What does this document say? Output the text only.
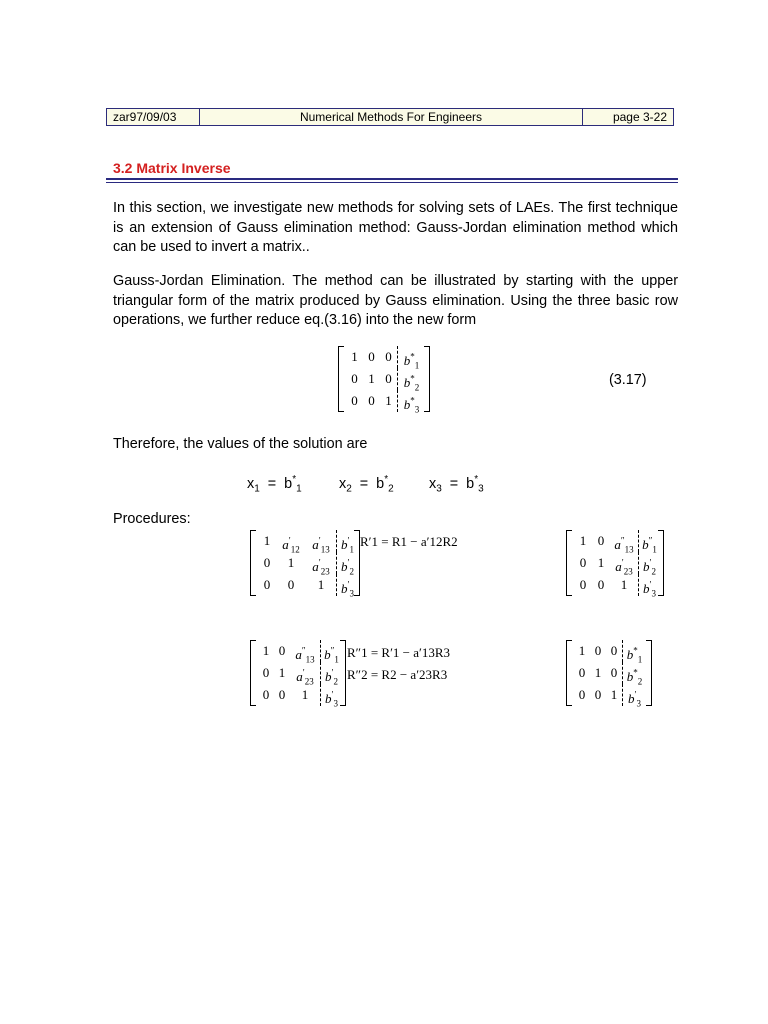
zar97/09/03	Numerical Methods For Engineers	page 3-22
3.2 Matrix Inverse
In this section, we investigate new methods for solving sets of LAEs. The first technique is an extension of Gauss elimination method: Gauss-Jordan elimination method which can be used to invert a matrix..
Gauss-Jordan Elimination. The method can be illustrated by starting with the upper triangular form of the matrix produced by Gauss elimination. Using the three basic row operations, we further reduce eq.(3.16) into the new form
1 0 0 $b^*_1$
0 1 0 $b^*_2$
0 0 1 $b^*_3$
(3.17)
Therefore, the values of the solution are
$x_1 = b^*_1$	$x_2 = b^*_2$ $x_3 = b^*_3$
Procedures:
1 $a'_{12}$ $a'_{13}$ $b'_1$
0	1	$a'_{23}$ $b'_2$
0	0	1	$b'_3$
R′1 = R1 − a′12R2	1 0 $a''_{13}$ $b''_1$
0 1 $a'_{23}$ $b'_2$
0 0	1	$b'_3$
1 0 $a''_{13}$ $b''_1$
0 1 $a'_{23}$ $b'_2$
0 0	1	$b'_3$
R″1 = R′1 − a′13R3
R″2 = R2 − a′23R3
1 0 0 $b^*_1$
0 1 0 $b^*_2$
0 0 1 $b'_3$
